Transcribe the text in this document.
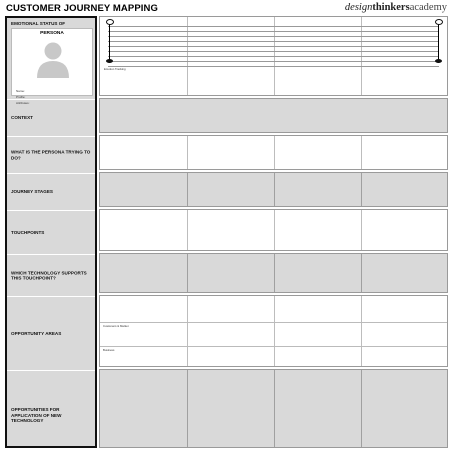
CUSTOMER JOURNEY MAPPING	designthinkersacademy
EMOTIONAL STATUS OF
PERSONA
Name:
Profile:
Attributes:
CONTEXT
WHAT IS THE PERSONA TRYING TO DO?
JOURNEY STAGES
TOUCHPOINTS
WHICH TECHNOLOGY SUPPORTS THIS TOUCHPOINT?
OPPORTUNITY AREAS
OPPORTUNITIES FOR APPLICATION OF NEW TECHNOLOGY
Emotion Tracking
Customers & Market
Business
